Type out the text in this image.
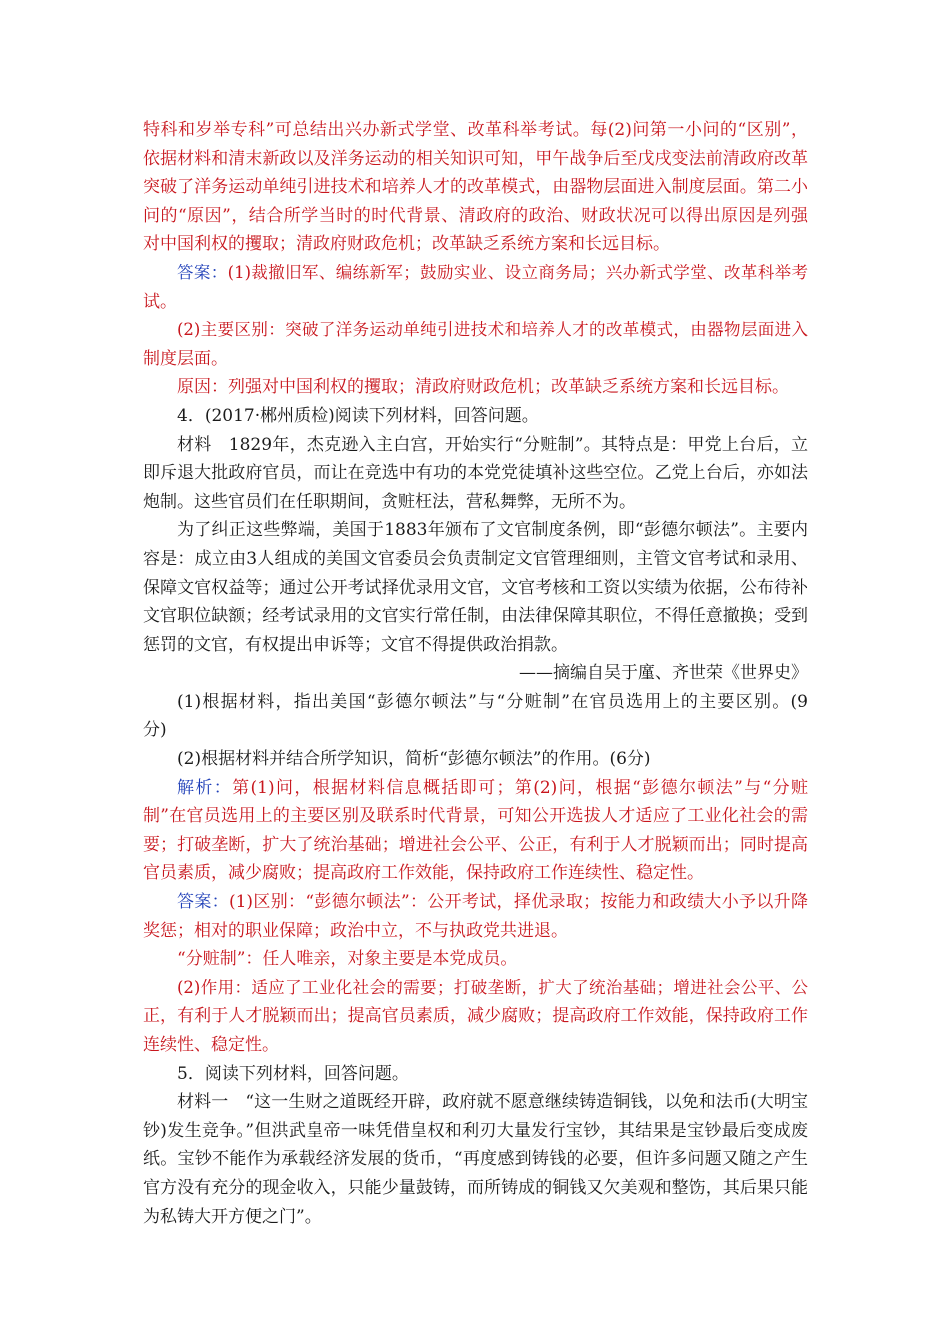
特科和岁举专科”可总结出兴办新式学堂、改革科举考试。每(2)问第一小问的“区别”，
依据材料和清末新政以及洋务运动的相关知识可知，甲午战争后至戊戌变法前清政府改革
突破了洋务运动单纯引进技术和培养人才的改革模式，由器物层面进入制度层面。第二小
问的“原因”，结合所学当时的时代背景、清政府的政治、财政状况可以得出原因是列强
对中国利权的攫取；清政府财政危机；改革缺乏系统方案和长远目标。
答案：(1)裁撤旧军、编练新军；鼓励实业、设立商务局；兴办新式学堂、改革科举考
试。
(2)主要区别：突破了洋务运动单纯引进技术和培养人才的改革模式，由器物层面进入
制度层面。
原因：列强对中国利权的攫取；清政府财政危机；改革缺乏系统方案和长远目标。
4．(2017·郴州质检)阅读下列材料，回答问题。
材料　1829年，杰克逊入主白宫，开始实行“分赃制”。其特点是：甲党上台后，立
即斥退大批政府官员，而让在竞选中有功的本党党徒填补这些空位。乙党上台后，亦如法
炮制。这些官员们在任职期间，贪赃枉法，营私舞弊，无所不为。
为了纠正这些弊端，美国于1883年颁布了文官制度条例，即“彭德尔顿法”。主要内
容是：成立由3人组成的美国文官委员会负责制定文官管理细则，主管文官考试和录用、
保障文官权益等；通过公开考试择优录用文官，文官考核和工资以实绩为依据，公布待补
文官职位缺额；经考试录用的文官实行常任制，由法律保障其职位，不得任意撤换；受到
惩罚的文官，有权提出申诉等；文官不得提供政治捐款。
——摘编自吴于廑、齐世荣《世界史》
(1)根据材料，指出美国“彭德尔顿法”与“分赃制”在官员选用上的主要区别。(9
分)
(2)根据材料并结合所学知识，简析“彭德尔顿法”的作用。(6分)
解析：第(1)问，根据材料信息概括即可；第(2)问，根据“彭德尔顿法”与“分赃
制”在官员选用上的主要区别及联系时代背景，可知公开选拔人才适应了工业化社会的需
要；打破垄断，扩大了统治基础；增进社会公平、公正，有利于人才脱颖而出；同时提高
官员素质，减少腐败；提高政府工作效能，保持政府工作连续性、稳定性。
答案：(1)区别：“彭德尔顿法”：公开考试，择优录取；按能力和政绩大小予以升降
奖惩；相对的职业保障；政治中立，不与执政党共进退。
“分赃制”：任人唯亲，对象主要是本党成员。
(2)作用：适应了工业化社会的需要；打破垄断，扩大了统治基础；增进社会公平、公
正，有利于人才脱颖而出；提高官员素质，减少腐败；提高政府工作效能，保持政府工作
连续性、稳定性。
5．阅读下列材料，回答问题。
材料一　“这一生财之道既经开辟，政府就不愿意继续铸造铜钱，以免和法币(大明宝
钞)发生竞争。”但洪武皇帝一味凭借皇权和利刃大量发行宝钞，其结果是宝钞最后变成废
纸。宝钞不能作为承载经济发展的货币，“再度感到铸钱的必要，但许多问题又随之产生
官方没有充分的现金收入，只能少量鼓铸，而所铸成的铜钱又欠美观和整饬，其后果只能
为私铸大开方便之门”。
